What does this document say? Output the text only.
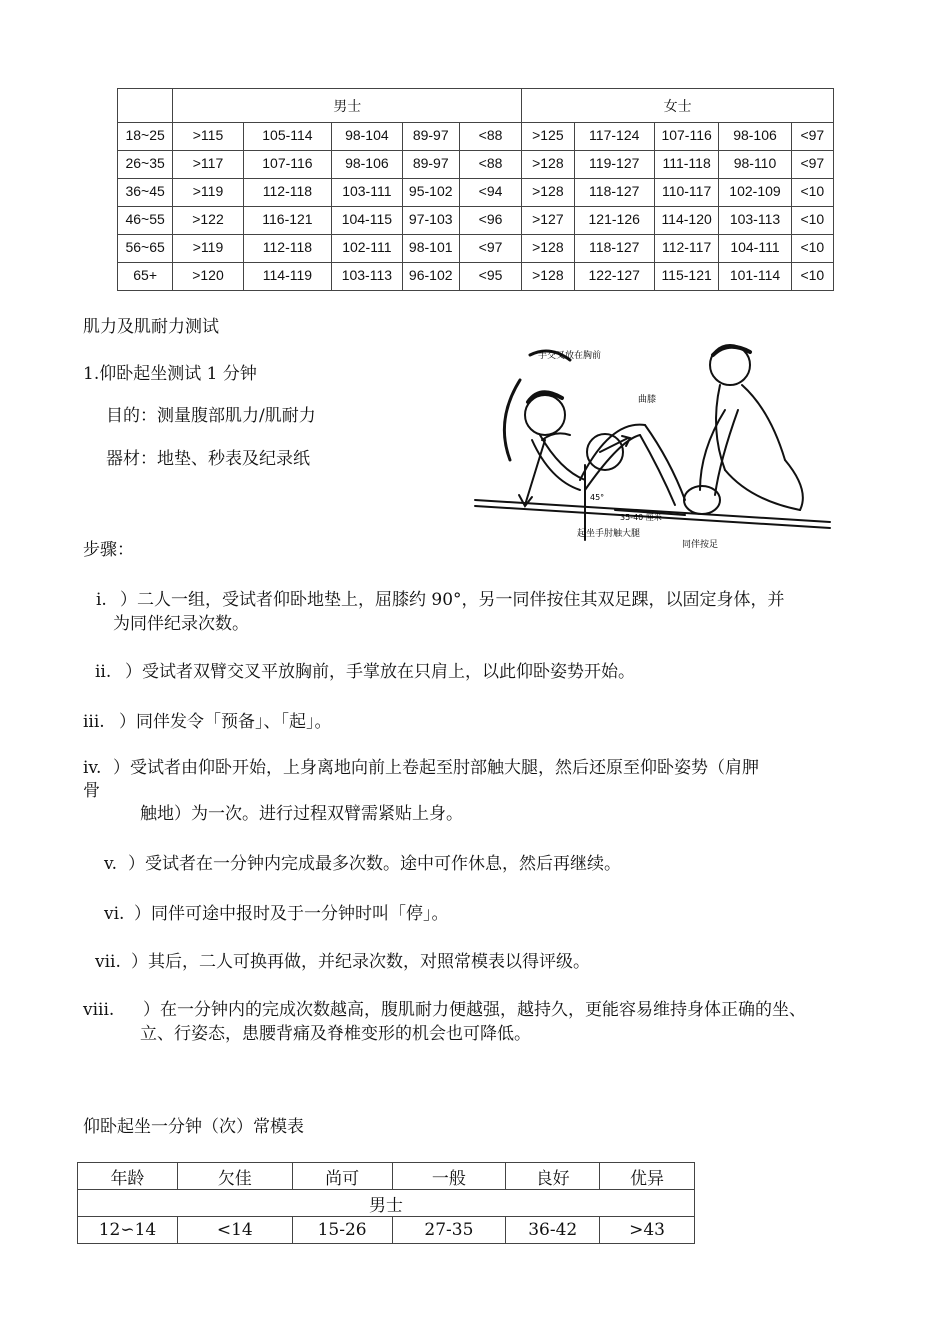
	男士					女士				

18~25	>115	105-114	98-104	89-97	<88	>125	117-124	107-116	98-106	<97

26~35	>117	107-116	98-106	89-97	<88	>128	119-127	111-118	98-110	<97

36~45	>119	112-118	103-111	95-102	<94	>128	118-127	110-117	102-109	<10

46~55	>122	116-121	104-115	97-103	<96	>127	121-126	114-120	103-113	<10

56~65	>119	112-118	102-111	98-101	<97	>128	118-127	112-117	104-111	<10

65+	>120	114-119	103-113	96-102	<95	>128	122-127	115-121	101-114	<10
肌力及肌耐力测试
1.仰卧起坐测试 1 分钟
目的：测量腹部肌力/肌耐力
器材：地垫、秒表及纪录纸
手交叉放在胸前
曲膝
45°
35-40 厘米
起坐手肘触大腿
同伴按足
步骤：
i. ）二人一组，受试者仰卧地垫上，屈膝约 90°，另一同伴按住其双足踝，以固定身体，并
为同伴纪录次数。
ii. ）受试者双臂交叉平放胸前，手掌放在只肩上，以此仰卧姿势开始。
iii. ）同伴发令「预备」、「起」。
iv. ）受试者由仰卧开始，上身离地向前上卷起至肘部触大腿，然后还原至仰卧姿势（肩胛
骨
触地）为一次。进行过程双臂需紧贴上身。
v. ）受试者在一分钟内完成最多次数。途中可作休息，然后再继续。
vi. ）同伴可途中报时及于一分钟时叫「停」。
vii. ）其后，二人可换再做，并纪录次数，对照常模表以得评级。
viii. ）在一分钟内的完成次数越高，腹肌耐力便越强，越持久，更能容易维持身体正确的坐、
立、行姿态，患腰背痛及脊椎变形的机会也可降低。
仰卧起坐一分钟（次）常模表
年龄	欠佳	尚可	一般	良好	优异
男士					
12∽14	<14	15-26	27-35	36-42	>43
